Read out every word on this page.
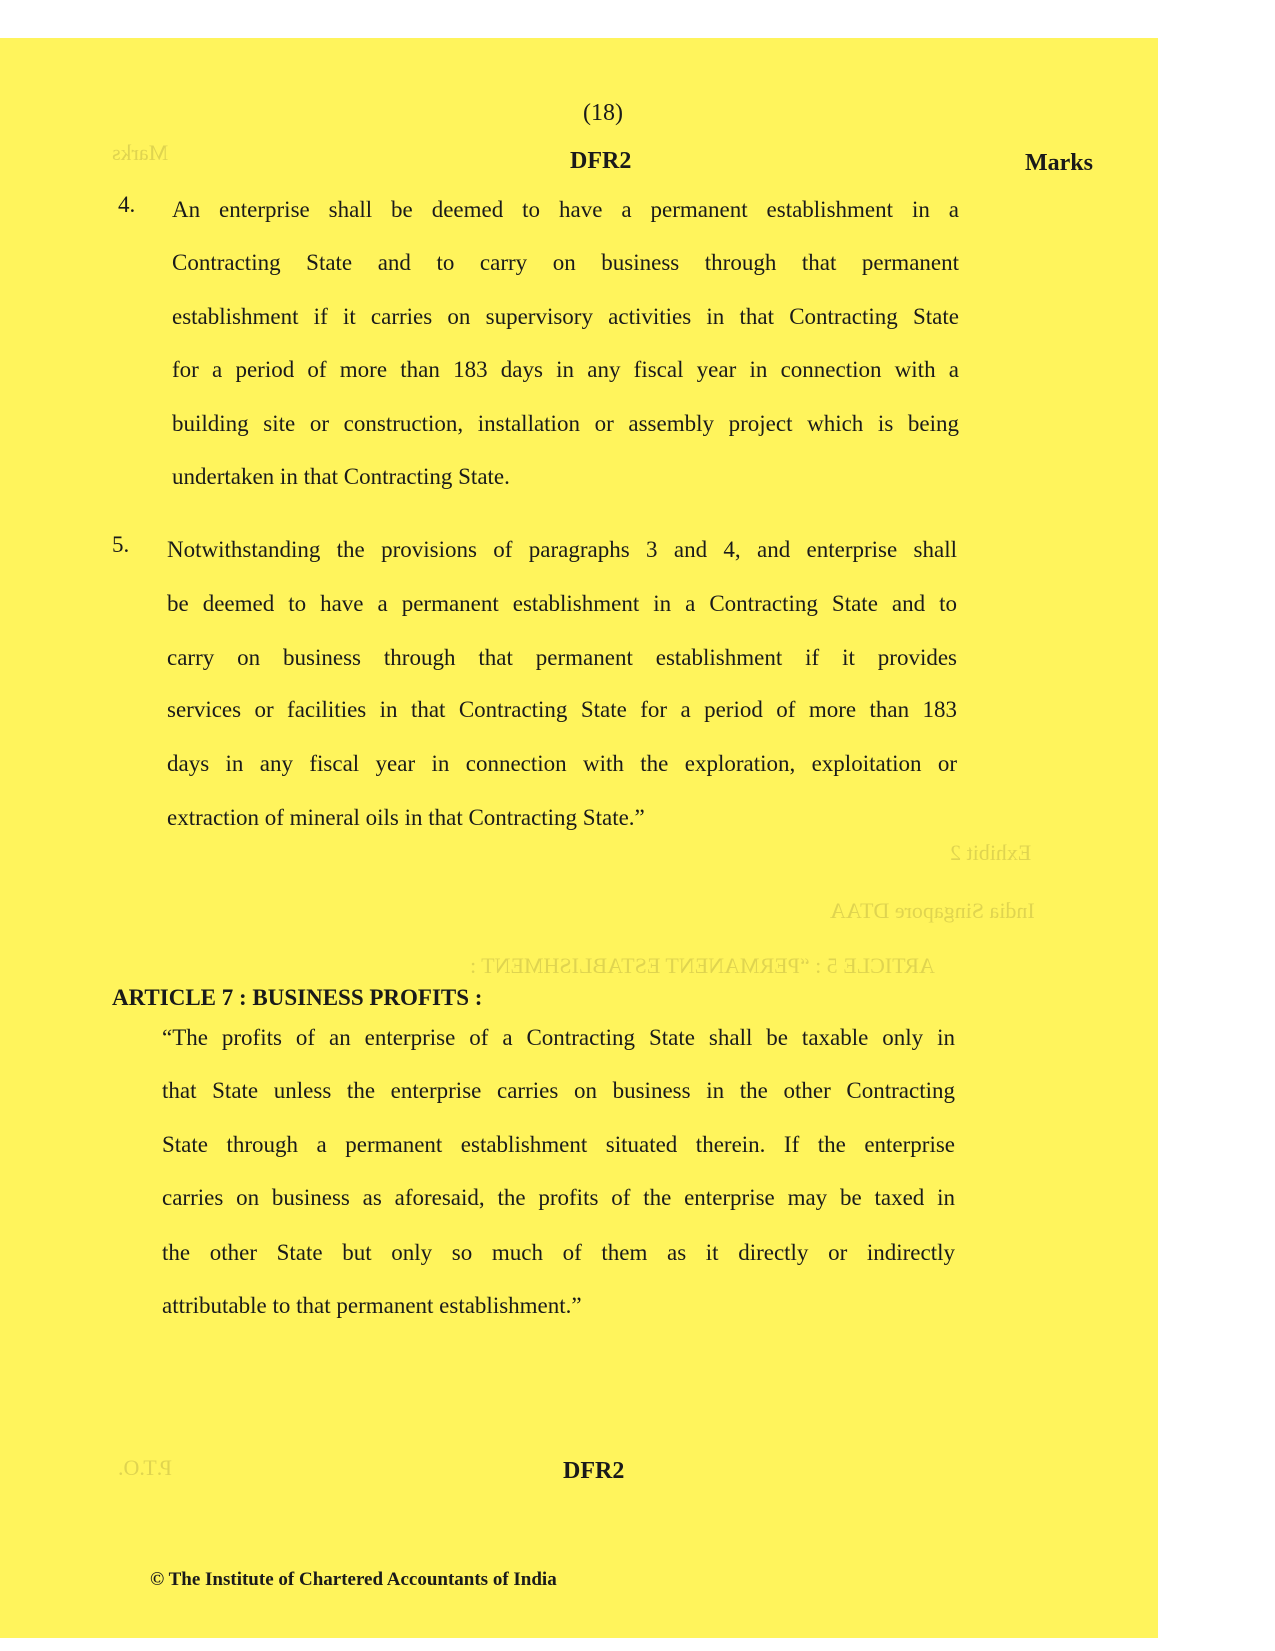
Marks

Exhibit 2

India Singapore DTAA

ARTICLE 5 : “PERMANENT ESTABLISHMENT :

P.T.O.

(18)
DFR2	Marks
4. An enterprise shall be deemed to have a permanent establishment in a
Contracting State and to carry on business through that permanent
establishment if it carries on supervisory activities in that Contracting State
for a period of more than 183 days in any fiscal year in connection with a
building site or construction, installation or assembly project which is being
undertaken in that Contracting State.
5. Notwithstanding the provisions of paragraphs 3 and 4, and enterprise shall
be deemed to have a permanent establishment in a Contracting State and to
carry on business through that permanent establishment if it provides
services or facilities in that Contracting State for a period of more than 183
days in any fiscal year in connection with the exploration, exploitation or
extraction of mineral oils in that Contracting State.”
ARTICLE 7 : BUSINESS PROFITS :
“The profits of an enterprise of a Contracting State shall be taxable only in
that State unless the enterprise carries on business in the other Contracting
State through a permanent establishment situated therein. If the enterprise
carries on business as aforesaid, the profits of the enterprise may be taxed in
the other State but only so much of them as it directly or indirectly
attributable to that permanent establishment.”
DFR2
© The Institute of Chartered Accountants of India
